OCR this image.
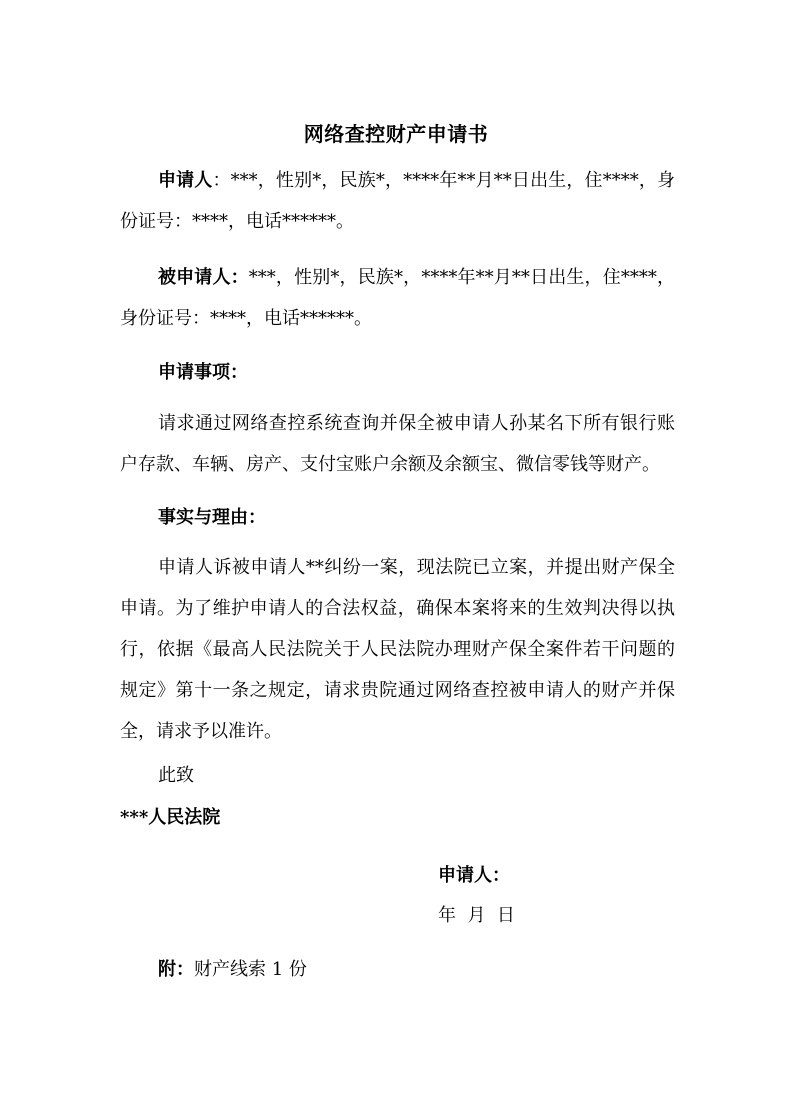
网络查控财产申请书
申请人：***，性别*，民族*，****年**月**日出生，住****，身份证号：****，电话******。
被申请人：***，性别*，民族*，****年**月**日出生，住****，身份证号：****，电话******。
申请事项：
请求通过网络查控系统查询并保全被申请人孙某名下所有银行账户存款、车辆、房产、支付宝账户余额及余额宝、微信零钱等财产。
事实与理由：
申请人诉被申请人**纠纷一案，现法院已立案，并提出财产保全申请。为了维护申请人的合法权益，确保本案将来的生效判决得以执行，依据《最高人民法院关于人民法院办理财产保全案件若干问题的规定》第十一条之规定，请求贵院通过网络查控被申请人的财产并保全，请求予以准许。
此致
***人民法院
申请人：
年  月  日
附：财产线索 1 份
